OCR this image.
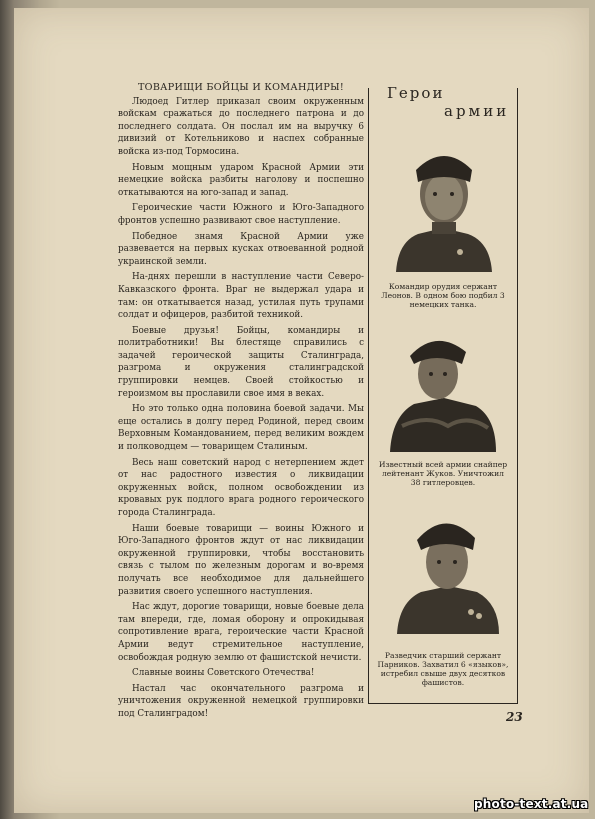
ТОВАРИЩИ БОЙЦЫ И КОМАНДИРЫ!

Людоед Гитлер приказал своим окруженным войскам сражаться до последнего патрона и до последнего солдата. Он послал им на выручку 6 дивизий от Котельниково и наспех собранные войска из-под Тормосина.

Новым мощным ударом Красной Армии эти немецкие войска разбиты наголову и поспешно откатываются на юго-запад и запад.

Героические части Южного и Юго-Западного фронтов успешно развивают свое наступление.

Победное знамя Красной Армии уже развевается на первых кусках отвоеванной родной украинской земли.

На-днях перешли в наступление части Северо-Кавказского фронта. Враг не выдержал удара и там: он откатывается назад, устилая путь трупами солдат и офицеров, разбитой техникой.

Боевые друзья! Бойцы, командиры и политработники! Вы блестяще справились с задачей героической защиты Сталинграда, разгрома и окружения сталинградской группировки немцев. Своей стойкостью и героизмом вы прославили свое имя в веках.

Но это только одна половина боевой задачи. Мы еще остались в долгу перед Родиной, перед своим Верховным Командованием, перед великим вождем и полководцем — товарищем Сталиным.

Весь наш советский народ с нетерпением ждет от нас радостного известия о ликвидации окруженных войск, полном освобождении из кровавых рук подлого врага родного героического города Сталинграда.

Наши боевые товарищи — воины Южного и Юго-Западного фронтов ждут от нас ликвидации окруженной группировки, чтобы восстановить связь с тылом по железным дорогам и во-время получать все необходимое для дальнейшего развития своего успешного наступления.

Нас ждут, дорогие товарищи, новые боевые дела там впереди, где, ломая оборону и опрокидывая сопротивление врага, героические части Красной Армии ведут стремительное наступление, освобождая родную землю от фашистской нечисти.

Славные воины Советского Отечества!

Настал час окончательного разгрома и уничтожения окруженной немецкой группировки под Сталинградом!

Герои
армии
Командир орудия сержант Леонов. В одном бою подбил 3 немецких танка.
Известный всей армии снайпер лейтенант Жуков. Уничтожил 38 гитлеровцев.
Разведчик старший сержант Парников. Захватил 6 «языков», истребил свыше двух десятков фашистов.
23
photo-text.at.ua
